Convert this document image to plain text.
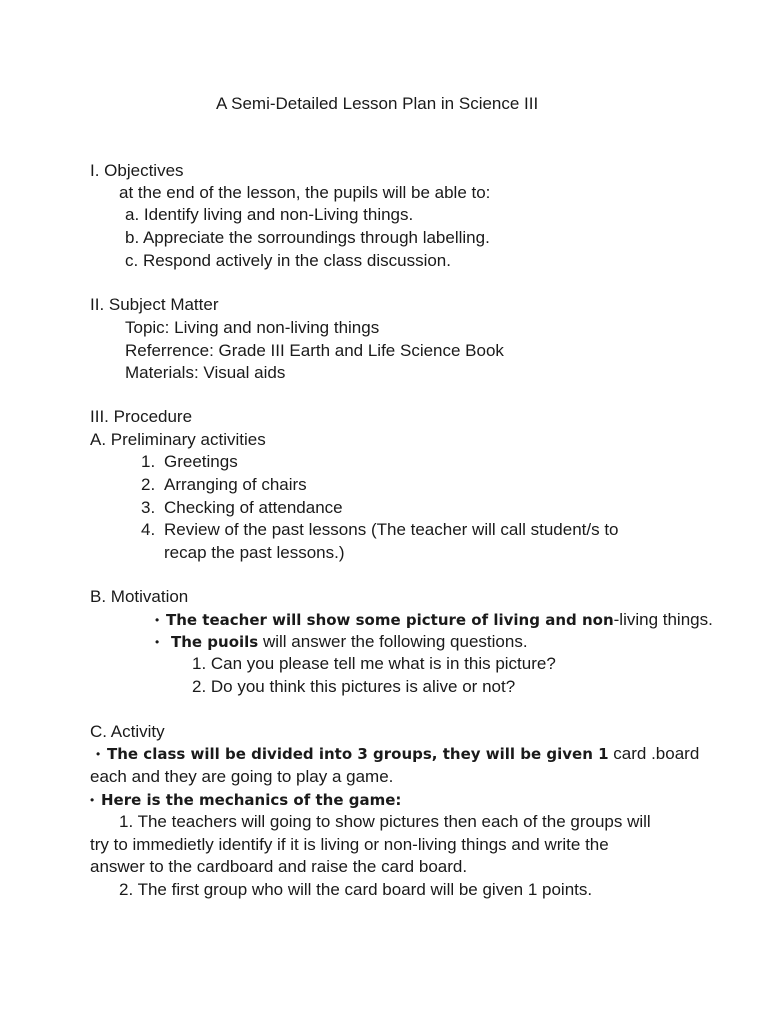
A Semi-Detailed Lesson Plan in Science III

I. Objectives

at the end of the lesson, the pupils will be able to:

a. Identify living and non-Living things.

b. Appreciate the sorroundings through labelling.

c. Respond actively in the class discussion.

II. Subject Matter

Topic: Living and non-living things

Referrence: Grade III Earth and Life Science Book

Materials: Visual aids

III. Procedure

A. Preliminary activities

1. Greetings

2. Arranging of chairs

3. Checking of attendance

4. Review of the past lessons (The teacher will call student/s to

recap the past lessons.)

B. Motivation

• The teacher will show some picture of living and non-living things.

• The puoils will answer the following questions.

1. Can you please tell me what is in this picture?

2. Do you think this pictures is alive or not?

C. Activity

• The class will be divided into 3 groups, they will be given 1 card .board

each and they are going to play a game.

• Here is the mechanics of the game:

1. The teachers will going to show pictures then each of the groups will

try to immedietly identify if it is living or non-living things and write the

answer to the cardboard and raise the card board.

2. The first group who will the card board will be given 1 points.
